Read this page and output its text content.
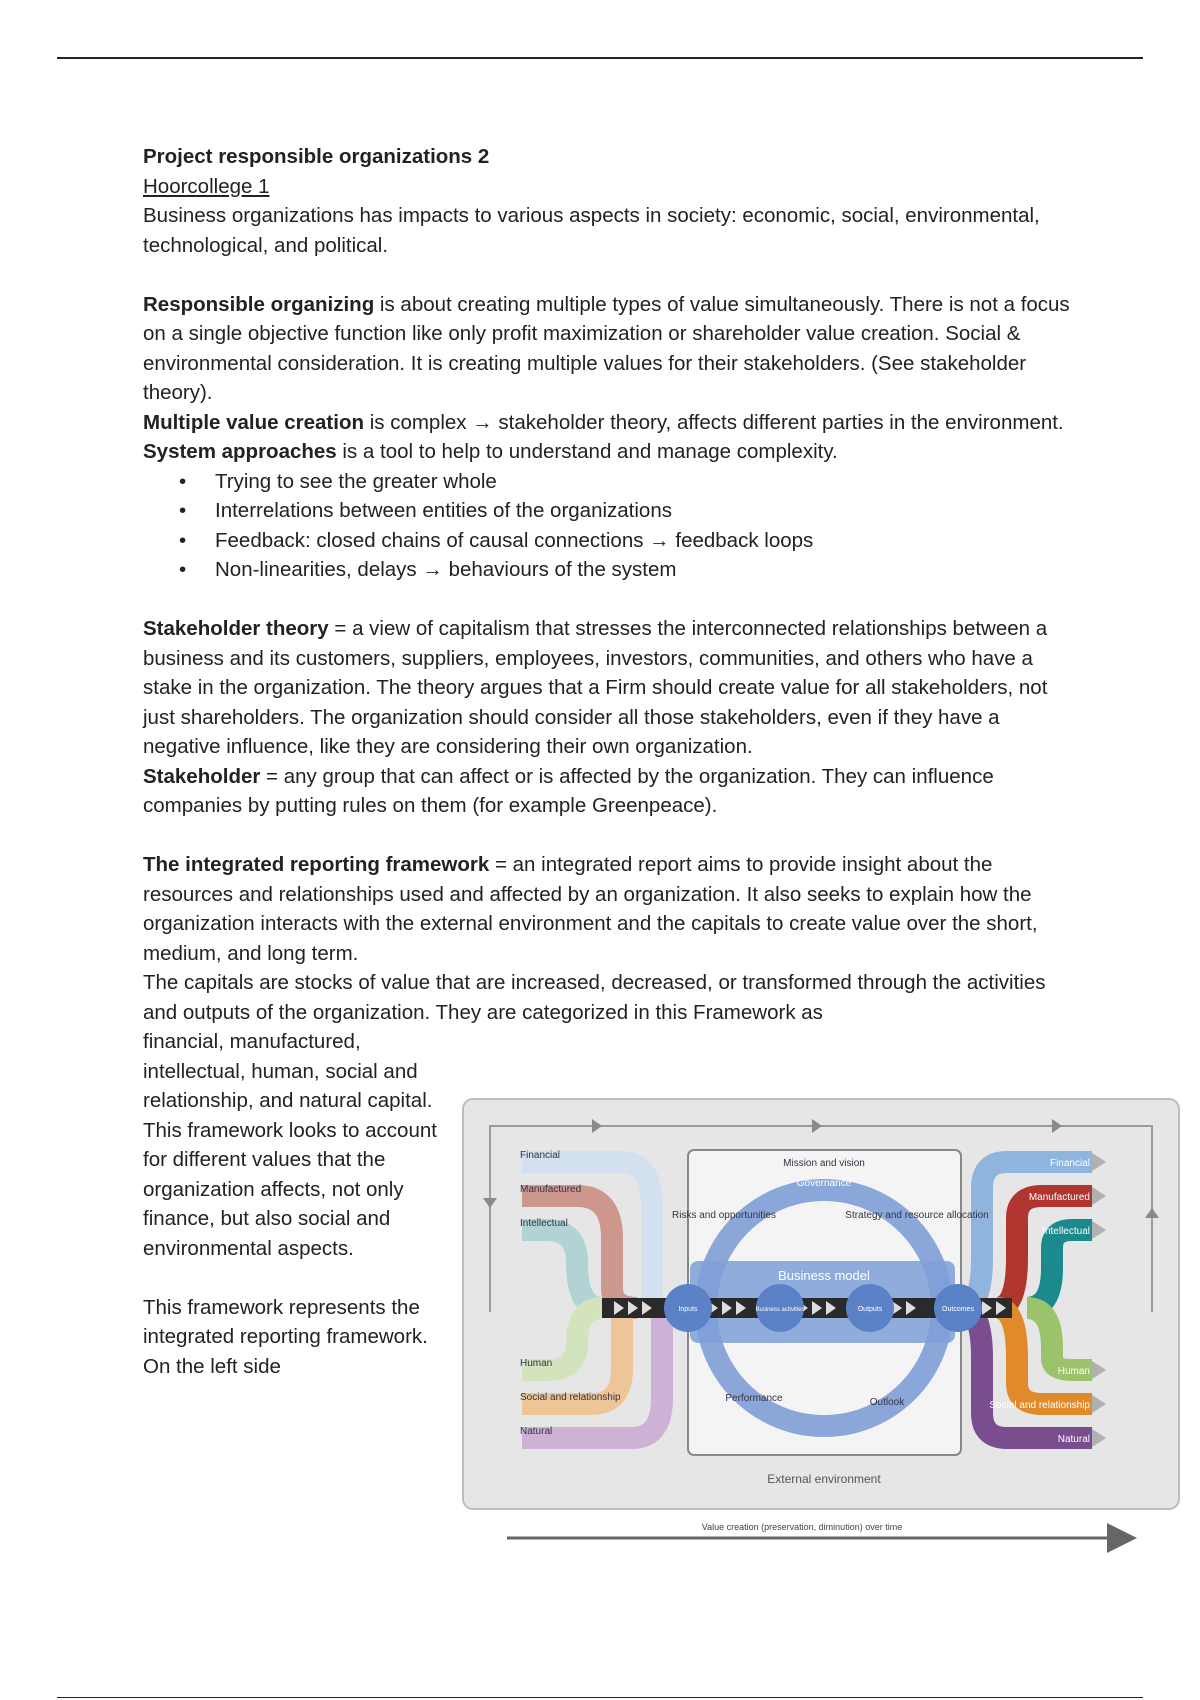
Project responsible organizations 2

Hoorcollege 1

Business organizations has impacts to various aspects in society: economic, social, environmental, technological, and political.

Responsible organizing is about creating multiple types of value simultaneously. There is not a focus on a single objective function like only profit maximization or shareholder value creation. Social & environmental consideration. It is creating multiple values for their stakeholders. (See stakeholder theory).

Multiple value creation is complex → stakeholder theory, affects different parties in the environment.

System approaches is a tool to help to understand and manage complexity.

• Trying to see the greater whole
• Interrelations between entities of the organizations
• Feedback: closed chains of causal connections → feedback loops
• Non-linearities, delays → behaviours of the system

Stakeholder theory = a view of capitalism that stresses the interconnected relationships between a business and its customers, suppliers, employees, investors, communities, and others who have a stake in the organization. The theory argues that a Firm should create value for all stakeholders, not just shareholders. The organization should consider all those stakeholders, even if they have a negative influence, like they are considering their own organization.

Stakeholder = any group that can affect or is affected by the organization. They can influence companies by putting rules on them (for example Greenpeace).

The integrated reporting framework = an integrated report aims to provide insight about the resources and relationships used and affected by an organization. It also seeks to explain how the organization interacts with the external environment and the capitals to create value over the short, medium, and long term.

The capitals are stocks of value that are increased, decreased, or transformed through the activities and outputs of the organization. They are categorized in this Framework as

financial, manufactured, intellectual, human, social and relationship, and natural capital.

This framework looks to account for different values that the organization affects, not only finance, but also social and environmental aspects.

This framework represents the integrated reporting framework. On the left side

Financial
Manufactured
Intellectual
Human
Social and relationship
Natural
Financial
Manufactured
Intellectual
Human
Social and relationship
Natural
Mission and vision
Governance
Risks and opportunities	Strategy and resource allocation
Business model
Inputs	Business activities	Outputs	Outcomes
Performance	Outlook
External environment
Value creation (preservation, diminution) over time
